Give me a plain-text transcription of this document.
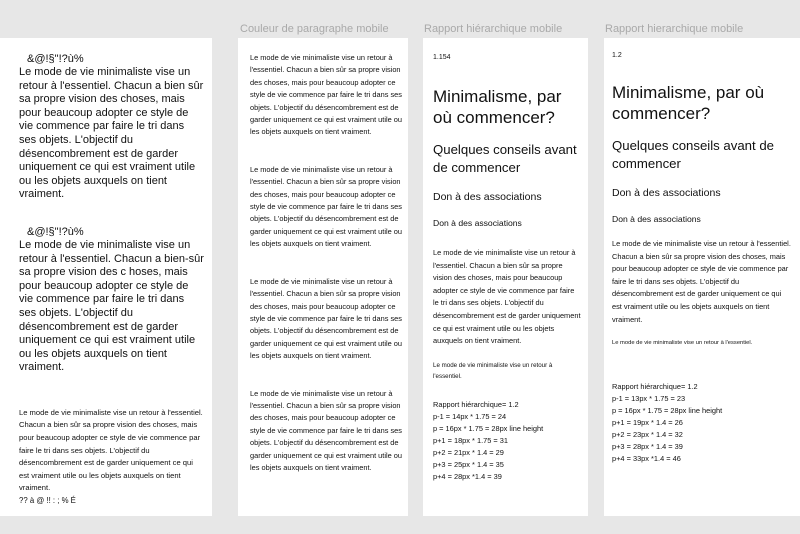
Couleur de paragraphe mobile	Rapport hiérarchique mobile	Rapport hierarchique mobile
&@!§"!?ù%

Le mode de vie minimaliste vise un retour à l'essentiel. Chacun a bien sûr sa propre vision des choses, mais pour beaucoup adopter ce style de vie commence par faire le tri dans ses objets. L'objectif du désencombrement est de garder uniquement ce qui est vraiment utile ou les objets auxquels on tient vraiment.

&@!§"!?ù%

Le mode de vie minimaliste vise un retour à l'essentiel. Chacun a bien-sûr sa propre vision des c hoses, mais pour beaucoup adopter ce style de vie commence par faire le tri dans ses objets. L'objectif du désencombrement est de garder uniquement ce qui est vraiment utile ou les objets auxquels on tient vraiment.

Le mode de vie minimaliste vise un retour à l'essentiel. Chacun a bien sûr sa propre vision des choses, mais pour beaucoup adopter ce style de vie commence par faire le tri dans ses objets. L'objectif du désencombrement est de garder uniquement ce qui est vraiment utile ou les objets auxquels on tient vraiment.

?? à @ !! : ; % É

Le mode de vie minimaliste vise un retour à l'essentiel. Chacun a bien sûr sa propre vision des choses, mais pour beaucoup adopter ce style de vie commence par faire le tri dans ses objets. L'objectif du désencombrement est de garder uniquement ce qui est vraiment utile ou les objets auxquels on tient vraiment.

Le mode de vie minimaliste vise un retour à l'essentiel. Chacun a bien sûr sa propre vision des choses, mais pour beaucoup adopter ce style de vie commence par faire le tri dans ses objets. L'objectif du désencombrement est de garder uniquement ce qui est vraiment utile ou les objets auxquels on tient vraiment.

Le mode de vie minimaliste vise un retour à l'essentiel. Chacun a bien sûr sa propre vision des choses, mais pour beaucoup adopter ce style de vie commence par faire le tri dans ses objets. L'objectif du désencombrement est de garder uniquement ce qui est vraiment utile ou les objets auxquels on tient vraiment.

Le mode de vie minimaliste vise un retour à l'essentiel. Chacun a bien sûr sa propre vision des choses, mais pour beaucoup adopter ce style de vie commence par faire le tri dans ses objets. L'objectif du désencombrement est de garder uniquement ce qui est vraiment utile ou les objets auxquels on tient vraiment.

1.154
Minimalisme, par où commencer?
Quelques conseils avant de commencer
Don à des associations
Don à des associations

Le mode de vie minimaliste vise un retour à l'essentiel. Chacun a bien sûr sa propre vision des choses, mais pour beaucoup adopter ce style de vie commence par faire le tri dans ses objets. L'objectif du désencombrement est de garder uniquement ce qui est vraiment utile ou les objets auxquels on tient vraiment.

Le mode de vie minimaliste vise un retour à l'essentiel.

Rapport hiérarchique= 1.2
p-1 = 14px * 1.75 = 24
p = 16px * 1.75 = 28px line height
p+1 = 18px * 1.75 = 31
p+2 = 21px * 1.4 = 29
p+3 = 25px * 1.4 = 35
p+4 = 28px *1.4 = 39
1.2
Minimalisme, par où commencer?
Quelques conseils avant de commencer
Don à des associations
Don à des associations

Le mode de vie minimaliste vise un retour à l'essentiel. Chacun a bien sûr sa propre vision des choses, mais pour beaucoup adopter ce style de vie commence par faire le tri dans ses objets. L'objectif du désencombrement est de garder uniquement ce qui est vraiment utile ou les objets auxquels on tient vraiment.

Le mode de vie minimaliste vise un retour à l'essentiel.

Rapport hiérarchique= 1.2
p-1 = 13px * 1.75 = 23
p = 16px * 1.75 = 28px line height
p+1 = 19px * 1.4 = 26
p+2 = 23px * 1.4 = 32
p+3 = 28px * 1.4 = 39
p+4 = 33px *1.4 = 46
